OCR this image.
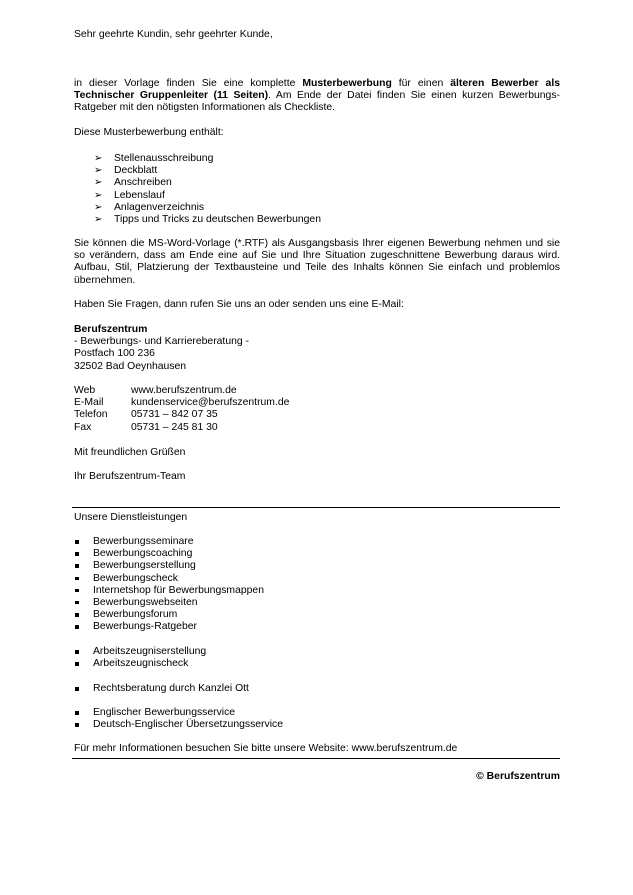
Sehr geehrte Kundin, sehr geehrter Kunde,
in dieser Vorlage finden Sie eine komplette Musterbewerbung für einen älteren Bewerber als Technischer Gruppenleiter (11 Seiten). Am Ende der Datei finden Sie einen kurzen Bewerbungs-Ratgeber mit den nötigsten Informationen als Checkliste.
Diese Musterbewerbung enthält:
➢ Stellenausschreibung
➢ Deckblatt
➢ Anschreiben
➢ Lebenslauf
➢ Anlagenverzeichnis
➢ Tipps und Tricks zu deutschen Bewerbungen
Sie können die MS-Word-Vorlage (*.RTF) als Ausgangsbasis Ihrer eigenen Bewerbung nehmen und sie so verändern, dass am Ende eine auf Sie und Ihre Situation zugeschnittene Bewerbung daraus wird. Aufbau, Stil, Platzierung der Textbausteine und Teile des Inhalts können Sie einfach und problemlos übernehmen.
Haben Sie Fragen, dann rufen Sie uns an oder senden uns eine E-Mail:
Berufszentrum
- Bewerbungs- und Karriereberatung -
Postfach 100 236
32502 Bad Oeynhausen
Web	www.berufszentrum.de
E-Mail	kundenservice@berufszentrum.de
Telefon 05731 – 842 07 35
Fax	05731 – 245 81 30
Mit freundlichen Grüßen
Ihr Berufszentrum-Team
Unsere Dienstleistungen
Bewerbungsseminare
Bewerbungscoaching
Bewerbungserstellung
Bewerbungscheck
Internetshop für Bewerbungsmappen
Bewerbungswebseiten
Bewerbungsforum
Bewerbungs-Ratgeber
Arbeitszeugniserstellung
Arbeitszeugnischeck
Rechtsberatung durch Kanzlei Ott
Englischer Bewerbungsservice
Deutsch-Englischer Übersetzungsservice
Für mehr Informationen besuchen Sie bitte unsere Website: www.berufszentrum.de
© Berufszentrum
